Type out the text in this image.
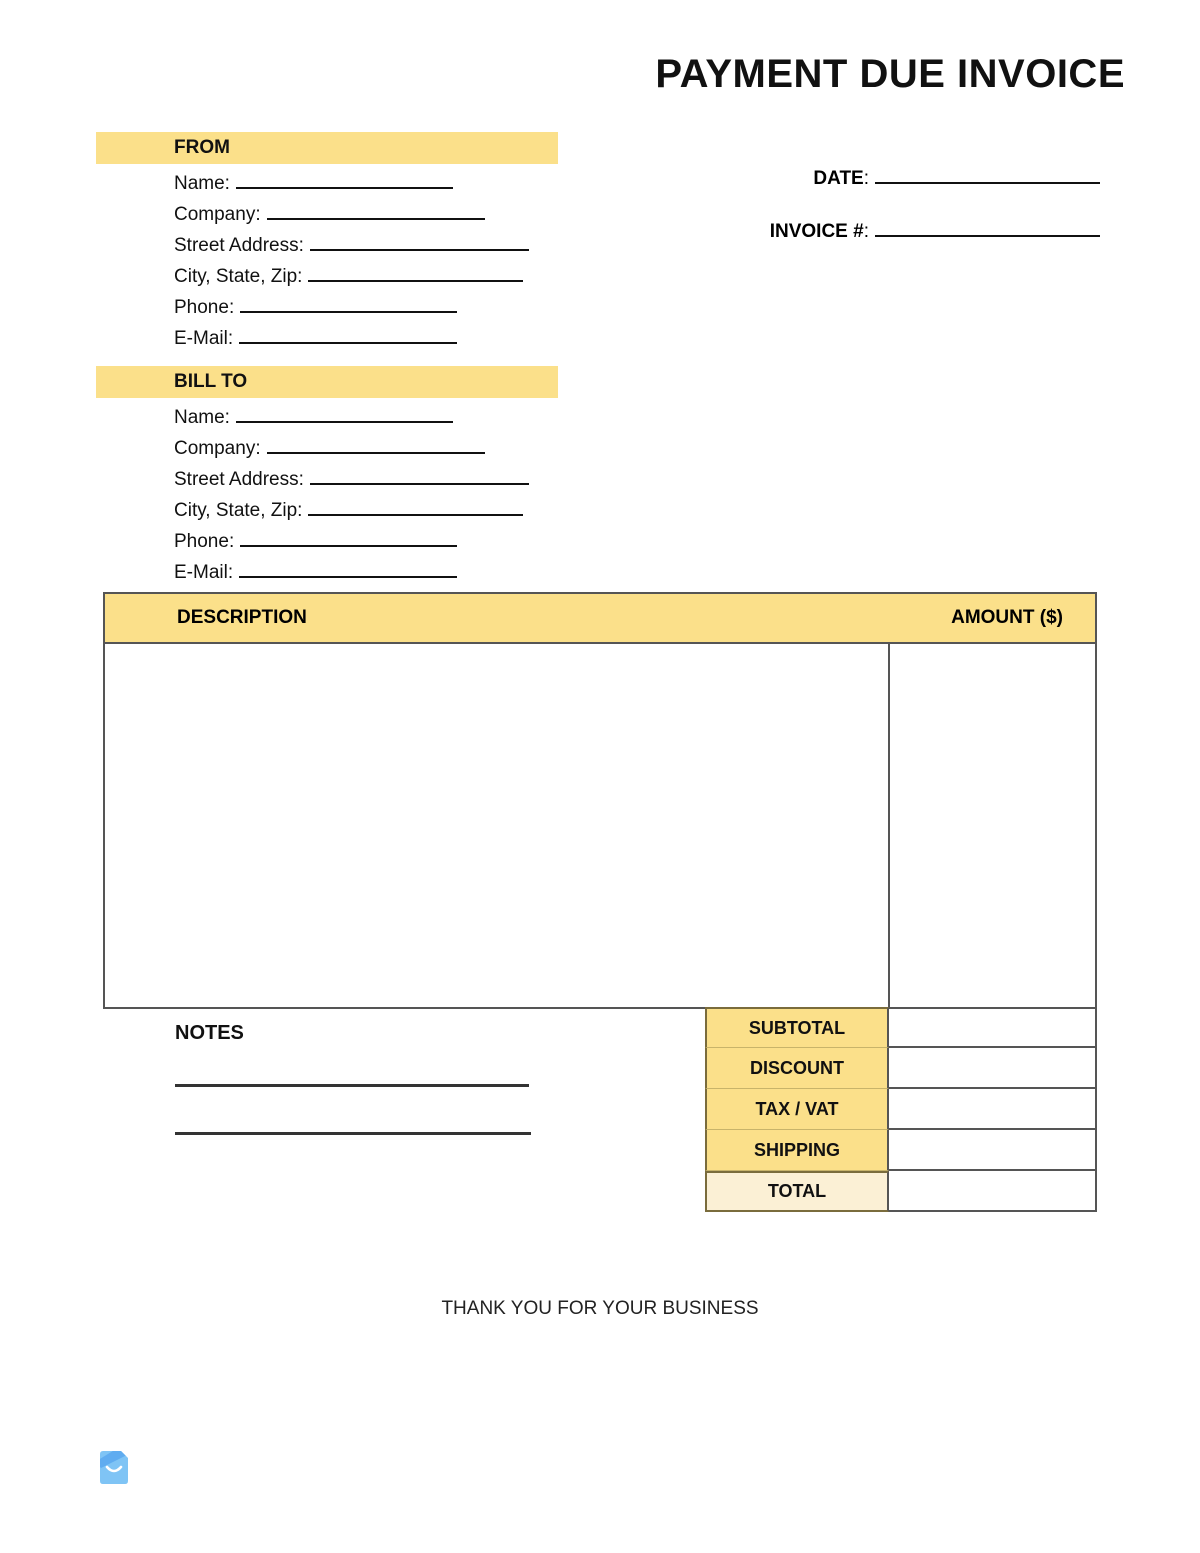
PAYMENT DUE INVOICE
FROM
Name:
Company:
Street Address:
City, State, Zip:
Phone:
E-Mail:
BILL TO
Name:
Company:
Street Address:
City, State, Zip:
Phone:
E-Mail:
DATE :
INVOICE # :
DESCRIPTION	AMOUNT ($)
NOTES	SUBTOTAL
DISCOUNT
TAX / VAT
SHIPPING
TOTAL
THANK YOU FOR YOUR BUSINESS
